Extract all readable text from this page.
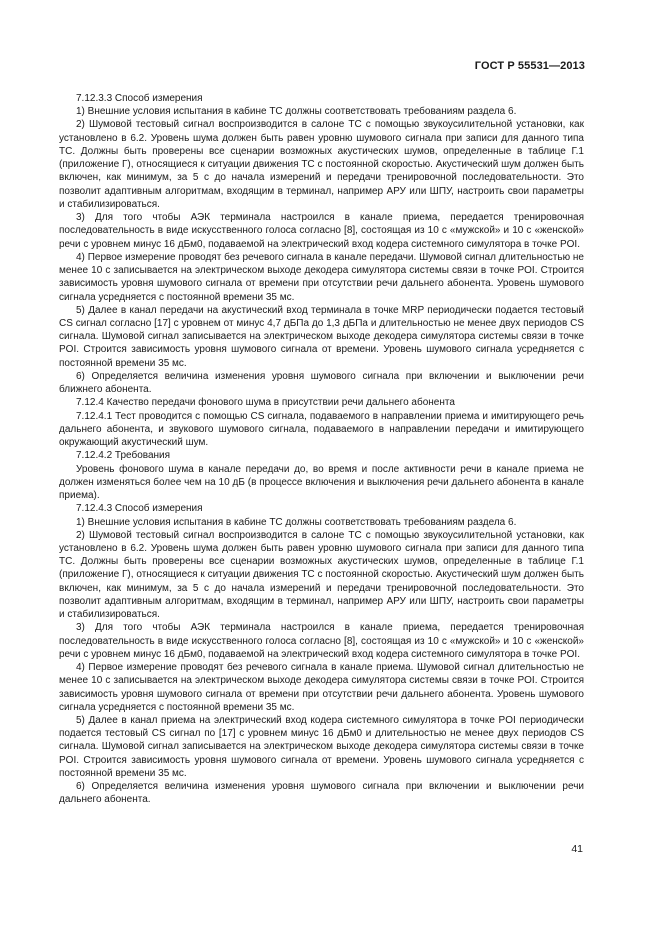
ГОСТ Р 55531—2013

7.12.3.3 Способ измерения

1) Внешние условия испытания в кабине ТС должны соответствовать требованиям раздела 6.

2) Шумовой тестовый сигнал воспроизводится в салоне ТС с помощью звукоусилительной установки, как установлено в 6.2. Уровень шума должен быть равен уровню шумового сигнала при записи для данного типа ТС. Должны быть проверены все сценарии возможных акустических шумов, определенные в таблице Г.1 (приложение Г), относящиеся к ситуации движения ТС с постоянной скоростью. Акустический шум должен быть включен, как минимум, за 5 с до начала измерений и передачи тренировочной последовательности. Это позволит адаптивным алгоритмам, входящим в терминал, например АРУ или ШПУ, настроить свои параметры и стабилизироваться.

3) Для того чтобы АЭК терминала настроился в канале приема, передается тренировочная последовательность в виде искусственного голоса согласно [8], состоящая из 10 с «мужской» и 10 с «женской» речи с уровнем минус 16 дБм0, подаваемой на электрический вход кодера системного симулятора в точке POI.

4) Первое измерение проводят без речевого сигнала в канале передачи. Шумовой сигнал длительностью не менее 10 с записывается на электрическом выходе декодера симулятора системы связи в точке POI. Строится зависимость уровня шумового сигнала от времени при отсутствии речи дальнего абонента. Уровень шумового сигнала усредняется с постоянной времени 35 мс.

5) Далее в канал передачи на акустический вход терминала в точке MRP периодически подается тестовый CS сигнал согласно [17] с уровнем от минус 4,7 дБПа до 1,3 дБПа и длительностью не менее двух периодов CS сигнала. Шумовой сигнал записывается на электрическом выходе декодера симулятора системы связи в точке POI. Строится зависимость уровня шумового сигнала от времени. Уровень шумового сигнала усредняется с постоянной времени 35 мс.

6) Определяется величина изменения уровня шумового сигнала при включении и выключении речи ближнего абонента.

7.12.4 Качество передачи фонового шума в присутствии речи дальнего абонента

7.12.4.1 Тест проводится с помощью CS сигнала, подаваемого в направлении приема и имитирующего речь дальнего абонента, и звукового шумового сигнала, подаваемого в направлении передачи и имитирующего окружающий акустический шум.

7.12.4.2 Требования

Уровень фонового шума в канале передачи до, во время и после активности речи в канале приема не должен изменяться более чем на 10 дБ (в процессе включения и выключения речи дальнего абонента в канале приема).

7.12.4.3 Способ измерения

1) Внешние условия испытания в кабине ТС должны соответствовать требованиям раздела 6.

2) Шумовой тестовый сигнал воспроизводится в салоне ТС с помощью звукоусилительной установки, как установлено в 6.2. Уровень шума должен быть равен уровню шумового сигнала при записи для данного типа ТС. Должны быть проверены все сценарии возможных акустических шумов, определенные в таблице Г.1 (приложение Г), относящиеся к ситуации движения ТС с постоянной скоростью. Акустический шум должен быть включен, как минимум, за 5 с до начала измерений и передачи тренировочной последовательности. Это позволит адаптивным алгоритмам, входящим в терминал, например АРУ или ШПУ, настроить свои параметры и стабилизироваться.

3) Для того чтобы АЭК терминала настроился в канале приема, передается тренировочная последовательность в виде искусственного голоса согласно [8], состоящая из 10 с «мужской» и 10 с «женской» речи с уровнем минус 16 дБм0, подаваемой на электрический вход кодера системного симулятора в точке POI.

4) Первое измерение проводят без речевого сигнала в канале приема. Шумовой сигнал длительностью не менее 10 с записывается на электрическом выходе декодера симулятора системы связи в точке POI. Строится зависимость уровня шумового сигнала от времени при отсутствии речи дальнего абонента. Уровень шумового сигнала усредняется с постоянной времени 35 мс.

5) Далее в канал приема на электрический вход кодера системного симулятора в точке POI периодически подается тестовый CS сигнал по [17] с уровнем минус 16 дБм0 и длительностью не менее двух периодов CS сигнала. Шумовой сигнал записывается на электрическом выходе декодера симулятора системы связи в точке POI. Строится зависимость уровня шумового сигнала от времени. Уровень шумового сигнала усредняется с постоянной времени 35 мс.

6) Определяется величина изменения уровня шумового сигнала при включении и выключении речи дальнего абонента.

41
